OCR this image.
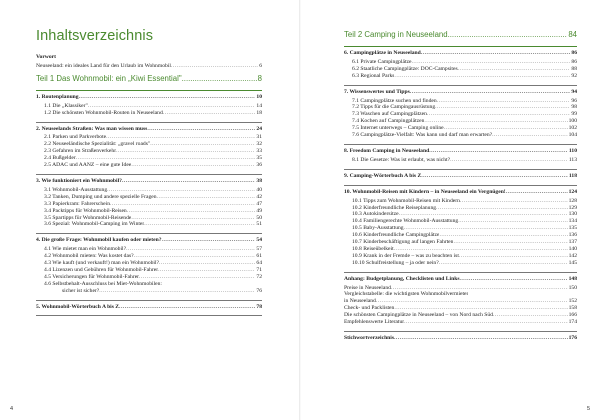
Inhaltsverzeichnis
Vorwort
Neuseeland: ein ideales Land für den Urlaub im Wohnmobil .....	6
Teil 1 Das Wohnmobil: ein „Kiwi Essential" .....	8
1. Routenplanung .....	10
1.1 Die „Klassiker" .....	14
1.2 Die schönsten Wohnmobil-Routen in Neuseeland .....	18
2. Neuseelands Straßen: Was man wissen muss .....	24
2.1 Parken und Parkverbote .....	31
2.2 Neuseeländische Spezialität: „gravel roads" .....	32
2.3 Gefahren im Straßenverkehr .....	33
2.4 Bußgelder .....	35
2.5 ADAC und AANZ – eine gute Idee .....	36
3. Wie funktioniert ein Wohnmobil? .....	38
3.1 Wohnmobil-Ausstattung .....	40
3.2 Tanken, Dumping und andere spezielle Fragen .....	42
3.3 Papierkram: Fahrerschein .....	47
3.4 Packtipps für Wohnmobil-Reisen .....	49
3.5 Spartipps für Wohnmobil-Reisende .....	50
3.6 Spezial: Wohnmobil-Camping im Winter .....	51
4. Die große Frage: Wohnmobil kaufen oder mieten? .....	54
4.1 Wie mietet man ein Wohnmobil? .....	57
4.2 Wohnmobil mieten: Was kostet das? .....	61
4.3 Wie kauft (und verkauft!) man ein Wohnmobil? .....	64
4.4 Lizenzen und Gebühren für Wohnmobil-Fahrer .....	71
4.5 Versicherungen für Wohnmobil-Fahrer .....	72
4.6 Selbstbehalt-Ausschluss bei Miet-Wohnmobilen:
sicher ist sicher? .....	76
5. Wohnmobil-Wörterbuch A bis Z .....	78
4
Teil 2 Camping in Neuseeland .....	84
6. Campingplätze in Neuseeland .....	86
6.1 Private Campingplätze .....	86
6.2 Staatliche Campingplätze: DOC-Campsites .....	88
6.3 Regional Parks .....	92
7. Wissenswertes und Tipps .....	94
7.1 Campingplätze suchen und finden .....	96
7.2 Tipps für die Campingausrüstung .....	98
7.3 Waschen auf Campingplätzen .....	99
7.4 Kochen auf Campingplätzen .....	100
7.5 Internet unterwegs – Camping online .....	102
7.6 Campingplätze-Vielfalt: Was kann und darf man erwarten? .....	104
8. Freedom Camping in Neuseeland .....	110
8.1 Die Gesetze: Was ist erlaubt, was nicht? .....	113
9. Camping-Wörterbuch A bis Z .....	118
10. Wohnmobil-Reisen mit Kindern – in Neuseeland ein Vergnügen! .....	124
10.1 Tipps zum Wohnmobil-Reisen mit Kindern .....	128
10.2 Kinderfreundliche Reiseplanung .....	129
10.3 Autokindersitze .....	130
10.4 Familiengerechte Wohnmobil-Ausstattung .....	134
10.5 Baby-Ausstattung .....	135
10.6 Kinderfreundliche Campingplätze .....	136
10.7 Kinderbeschäftigung auf langen Fahrten .....	137
10.8 Reiseübelkeit .....	140
10.9 Krank in der Fremde – was zu beachten ist .....	142
10.10 Schulfreistellung – ja oder nein? .....	145
Anhang: Budgetplanung, Checklisten und Links .....	148
Preise in Neuseeland .....	150
Vergleichstabelle: die wichtigsten Wohnmobilvermieter
in Neuseeland .....	152
Check- und Packlisten .....	158
Die schönsten Campingplätze in Neuseeland – von Nord nach Süd .....	166
Empfehlenswerte Literatur .....	174
Stichwortverzeichnis .....	176
5
